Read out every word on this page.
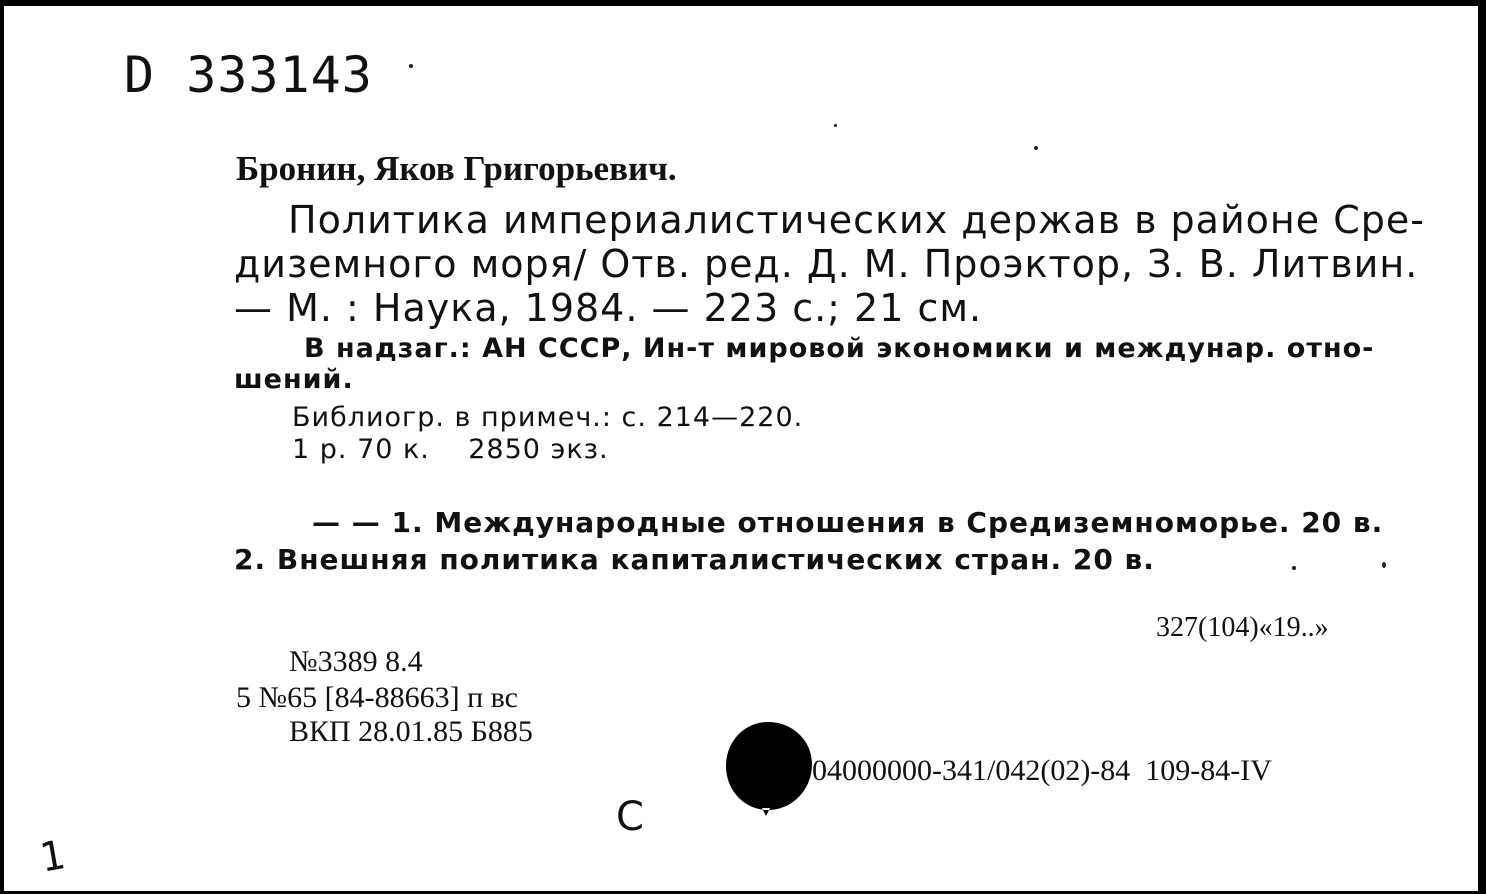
D 333143
Бронин, Яков Григорьевич.
Политика империалистических держав в районе Сре-
диземного моря/ Отв. ред. Д. М. Проэктор, З. В. Литвин.
— М. : Наука, 1984. — 223 с.; 21 см.
В надзаг.: АН СССР, Ин-т мировой экономики и междунар. отно-
шений.
Библиогр. в примеч.: с. 214—220.
1 р. 70 к.    2850 экз.
— — 1. Международные отношения в Средиземноморье. 20 в.
2. Внешняя политика капиталистических стран. 20 в.
327(104)«19..»
№3389 8.4
5 №65 [84-88663] п вс
ВКП 28.01.85 Б885
04000000-341/042(02)-84  109-84-IV
С
1
